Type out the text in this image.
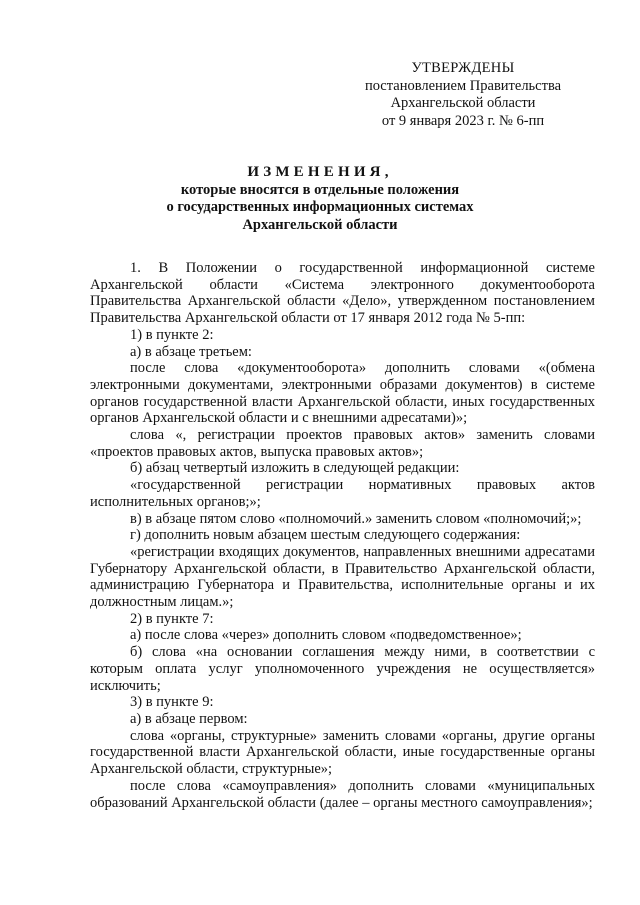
УТВЕРЖДЕНЫ
постановлением Правительства
Архангельской области
от 9 января 2023 г. № 6-пп
ИЗМЕНЕНИЯ,
которые вносятся в отдельные положения
о государственных информационных системах
Архангельской области

1. В Положении о государственной информационной системе Архангельской области «Система электронного документооборота Правительства Архангельской области «Дело», утвержденном постановлением Правительства Архангельской области от 17 января 2012 года № 5-пп:

1) в пункте 2:

а) в абзаце третьем:

после слова «документооборота» дополнить словами «(обмена электронными документами, электронными образами документов) в системе органов государственной власти Архангельской области, иных государственных органов Архангельской области и с внешними адресатами)»;

слова «, регистрации проектов правовых актов» заменить словами «проектов правовых актов, выпуска правовых актов»;

б) абзац четвертый изложить в следующей редакции:

«государственной регистрации нормативных правовых актов исполнительных органов;»;

в) в абзаце пятом слово «полномочий.» заменить словом «полномочий;»;

г) дополнить новым абзацем шестым следующего содержания:

«регистрации входящих документов, направленных внешними адресатами Губернатору Архангельской области, в Правительство Архангельской области, администрацию Губернатора и Правительства, исполнительные органы и их должностным лицам.»;

2) в пункте 7:

а) после слова «через» дополнить словом «подведомственное»;

б) слова «на основании соглашения между ними, в соответствии с которым оплата услуг уполномоченного учреждения не осуществляется» исключить;

3) в пункте 9:

а) в абзаце первом:

слова «органы, структурные» заменить словами «органы, другие органы государственной власти Архангельской области, иные государственные органы Архангельской области, структурные»;

после слова «самоуправления» дополнить словами «муниципальных образований Архангельской области (далее – органы местного самоуправления»;
